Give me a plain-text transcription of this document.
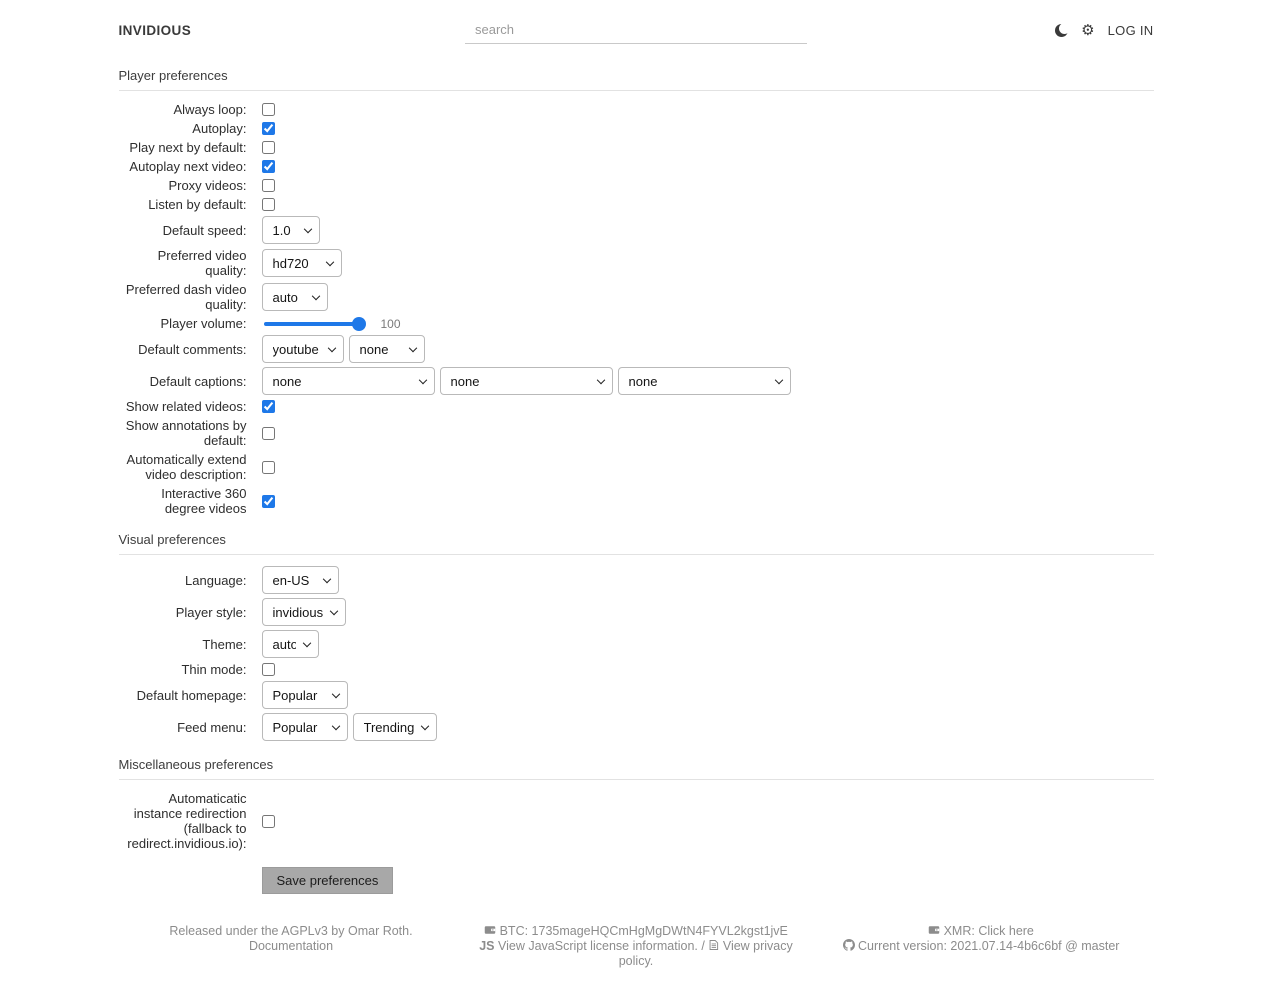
INVIDIOUS
search	⚙ LOG IN
Player preferences
Always loop:
Autoplay:
Play next by default:
Autoplay next video:
Proxy videos:
Listen by default:
Default speed:
1.0
Preferred video quality:
hd720
Preferred dash video quality:
auto
Player volume:	100
Default comments:
youtube
none
Default captions:
none
none
none
Show related videos:
Show annotations by default:
Automatically extend video description:
Interactive 360 degree videos
Visual preferences
Language:
en-US
Player style:
invidious
Theme:
auto
Thin mode:
Default homepage:
Popular
Feed menu:
Popular
Trending
Miscellaneous preferences
Automaticatic instance redirection (fallback to redirect.invidious.io):
Save preferences
Released under the AGPLv3 by Omar Roth.
Documentation
BTC: 1735mageHQCmHgMgDWtN4FYVL2kgst1jvE
JS View JavaScript license information. / View privacy policy.
XMR: Click here
Current version: 2021.07.14-4b6c6bf @ master
